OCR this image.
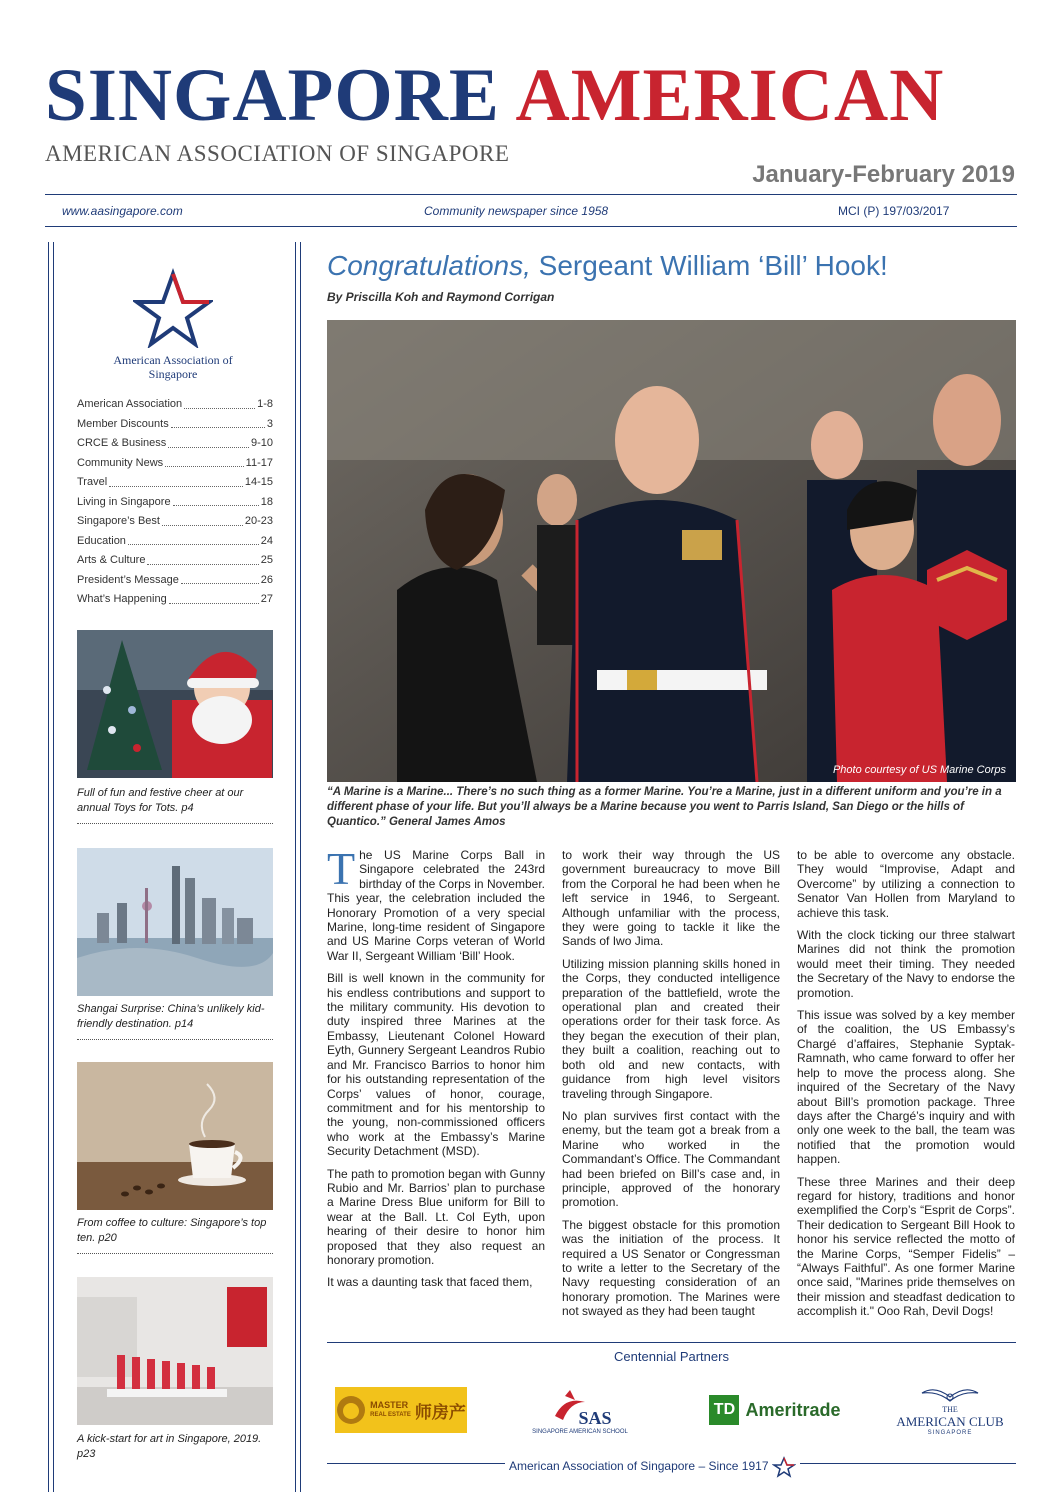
SINGAPORE AMERICAN
AMERICAN ASSOCIATION OF SINGAPORE
January-February 2019
www.aasingapore.com	Community newspaper since 1958	MCI (P) 197/03/2017
American Association of Singapore
American Association	1-8
Member Discounts	3
CRCE & Business	9-10
Community News	11-17
Travel	14-15
Living in Singapore	18
Singapore’s Best	20-23
Education	24
Arts & Culture	25
President’s Message	26
What’s Happening	27
Full of fun and festive cheer at our annual Toys for Tots. p4
Shangai Surprise: China’s unlikely kid-friendly destination. p14
From coffee to culture: Singapore’s top ten. p20
A kick-start for art in Singapore, 2019. p23
Congratulations, Sergeant William ‘Bill’ Hook!
By Priscilla Koh and Raymond Corrigan
Photo courtesy of US Marine Corps
“A Marine is a Marine... There’s no such thing as a former Marine. You’re a Marine, just in a different uniform and you’re in a different phase of your life. But you’ll always be a Marine because you went to Parris Island, San Diego or the hills of Quantico.” General James Amos

The US Marine Corps Ball in Singapore celebrated the 243rd birthday of the Corps in November. This year, the celebration included the Honorary Promotion of a very special Marine, long-time resident of Singapore and US Marine Corps veteran of World War II, Sergeant William ‘Bill’ Hook.

Bill is well known in the community for his endless contributions and support to the military community. His devotion to duty inspired three Marines at the Embassy, Lieutenant Colonel Howard Eyth, Gunnery Sergeant Leandros Rubio and Mr. Francisco Barrios to honor him for his outstanding representation of the Corps’ values of honor, courage, commitment and for his mentorship to the young, non-commissioned officers who work at the Embassy’s Marine Security Detachment (MSD).

The path to promotion began with Gunny Rubio and Mr. Barrios’ plan to purchase a Marine Dress Blue uniform for Bill to wear at the Ball. Lt. Col Eyth, upon hearing of their desire to honor him proposed that they also request an honorary promotion.

It was a daunting task that faced them,

to work their way through the US government bureaucracy to move Bill from the Corporal he had been when he left service in 1946, to Sergeant. Although unfamiliar with the process, they were going to tackle it like the Sands of Iwo Jima.

Utilizing mission planning skills honed in the Corps, they conducted intelligence preparation of the battlefield, wrote the operational plan and created their operations order for their task force. As they began the execution of their plan, they built a coalition, reaching out to both old and new contacts, with guidance from high level visitors traveling through Singapore.

No plan survives first contact with the enemy, but the team got a break from a Marine who worked in the Commandant’s Office. The Commandant had been briefed on Bill’s case and, in principle, approved of the honorary promotion.

The biggest obstacle for this promotion was the initiation of the process. It required a US Senator or Congressman to write a letter to the Secretary of the Navy requesting consideration of an honorary promotion. The Marines were not swayed as they had been taught

to be able to overcome any obstacle. They would “Improvise, Adapt and Overcome” by utilizing a connection to Senator Van Hollen from Maryland to achieve this task.

With the clock ticking our three stalwart Marines did not think the promotion would meet their timing. They needed the Secretary of the Navy to endorse the promotion.

This issue was solved by a key member of the coalition, the US Embassy’s Chargé d’affaires, Stephanie Syptak-Ramnath, who came forward to offer her help to move the process along. She inquired of the Secretary of the Navy about Bill’s promotion package. Three days after the Chargé’s inquiry and with only one week to the ball, the team was notified that the promotion would happen.

These three Marines and their deep regard for history, traditions and honor exemplified the Corp’s “Esprit de Corps”. Their dedication to Sergeant Bill Hook to honor his service reflected the motto of the Marine Corps, “Semper Fidelis” – “Always Faithful”. As one former Marine once said, "Marines pride themselves on their mission and steadfast dedication to accomplish it." Ooo Rah, Devil Dogs!

Centennial Partners
MASTER
REAL ESTATE 师房产	SAS
SINGAPORE AMERICAN SCHOOL
TD Ameritrade	THE
AMERICAN CLUB
SINGAPORE
American Association of Singapore – Since 1917
